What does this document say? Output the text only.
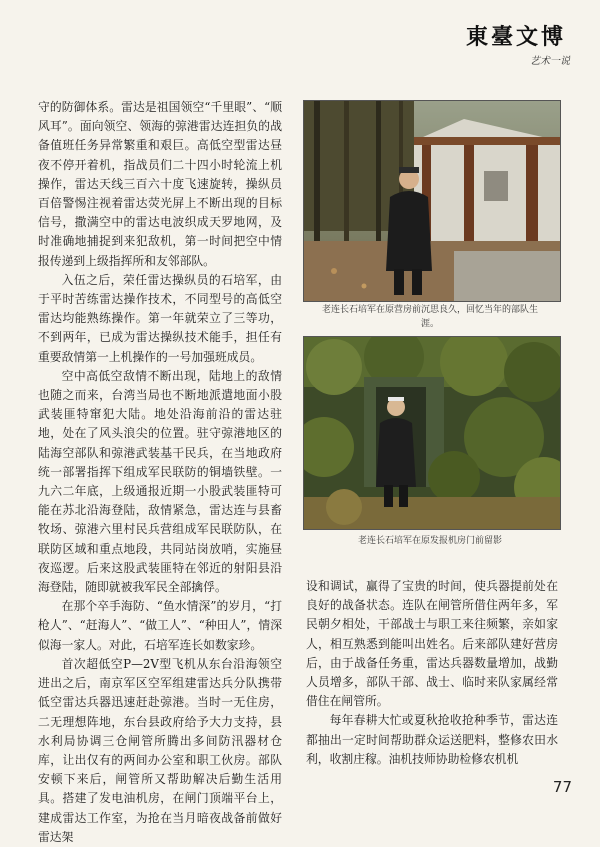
東臺文博
艺术一说

守的防御体系。雷达是祖国领空“千里眼”、“顺风耳”。面向领空、领海的弶港雷达连担负的战备值班任务异常繁重和艰巨。高低空型雷达昼夜不停开着机，指战员们二十四小时轮流上机操作，雷达天线三百六十度飞速旋转，操纵员百倍警惕注视着雷达荧光屏上不断出现的目标信号，撒满空中的雷达电波织成天罗地网，及时准确地捕捉到来犯敌机，第一时间把空中情报传递到上级指挥所和友邻部队。

入伍之后，荣任雷达操纵员的石培军，由于平时苦练雷达操作技术，不同型号的高低空雷达均能熟练操作。第一年就荣立了三等功，不到两年，已成为雷达操纵技术能手，担任有重要敌情第一上机操作的一号加强班成员。

空中高低空敌情不断出现，陆地上的敌情也随之而来，台湾当局也不断地派遣地面小股武装匪特窜犯大陆。地处沿海前沿的雷达驻地，处在了风头浪尖的位置。驻守弶港地区的陆海空部队和弶港武装基干民兵，在当地政府统一部署指挥下组成军民联防的铜墙铁壁。一九六二年底，上级通报近期一小股武装匪特可能在苏北沿海登陆，敌情紧急，雷达连与县畜牧场、弶港六里村民兵营组成军民联防队，在联防区域和重点地段，共同站岗放哨，实施昼夜巡逻。后来这股武装匪特在邻近的射阳县沿海登陆，随即就被我军民全部擒俘。

在那个卒手海防、“鱼水情深”的岁月，“打枪人”、“赶海人”、“做工人”、“种田人”，情深似海一家人。对此，石培军连长如数家珍。

首次超低空P—2V型飞机从东台沿海领空进出之后，南京军区空军组建雷达兵分队携带低空雷达兵器迅速赶赴弶港。当时一无住房，二无理想阵地，东台县政府给予大力支持，县水利局协调三仓闸管所腾出多间防汛器材仓库，让出仅有的两间办公室和职工伙房。部队安顿下来后，闸管所又帮助解决后勤生活用具。搭建了发电油机房，在闸门顶端平台上，建成雷达工作室，为抢在当月暗夜战备前做好雷达架

老连长石培军在原营房前沉思良久，回忆当年的部队生涯。
老连长石培军在原发报机房门前留影

设和调试，赢得了宝贵的时间，使兵器提前处在良好的战备状态。连队在闸管所借住两年多，军民朝夕相处，干部战士与职工来往频繁，亲如家人，相互熟悉到能叫出姓名。后来部队建好营房后，由于战备任务重，雷达兵器数量增加，战勤人员增多，部队干部、战士、临时来队家属经常借住在闸管所。

每年春耕大忙或夏秋抢收抢种季节，雷达连都抽出一定时间帮助群众运送肥料，整修农田水利，收割庄稼。油机技师协助检修农机机

77
